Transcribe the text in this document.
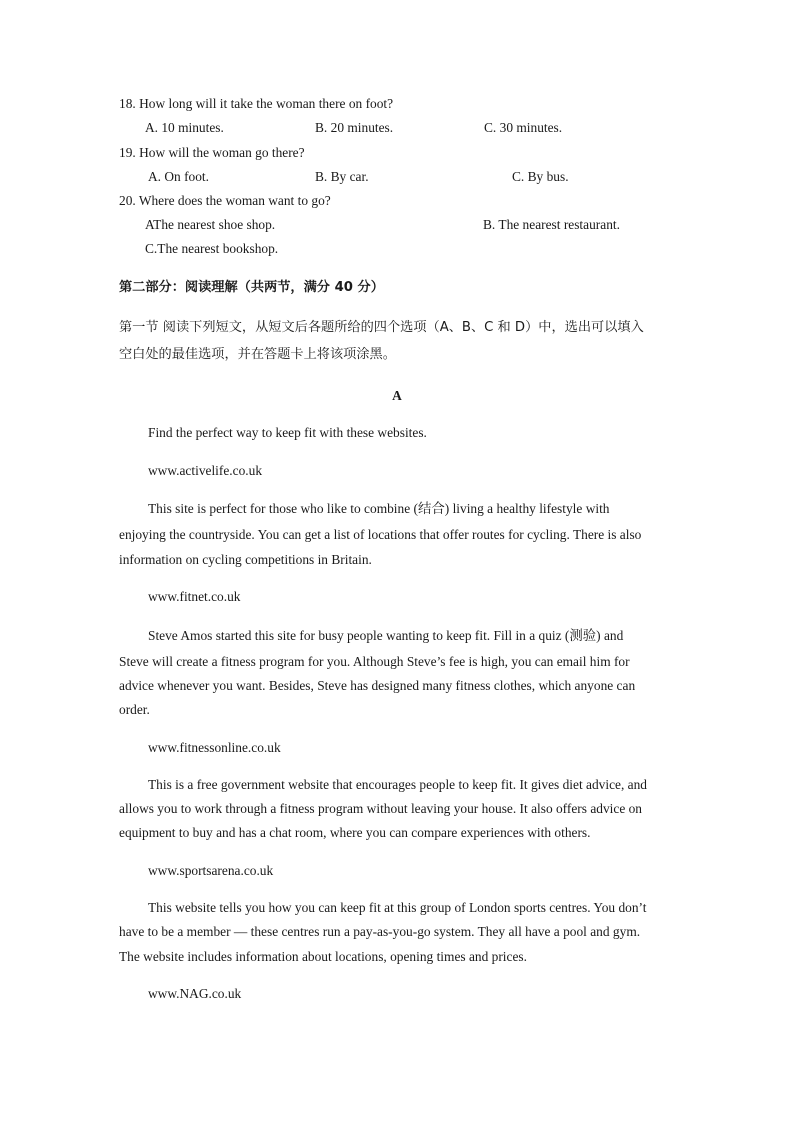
18. How long will it take the woman there on foot?
A. 10 minutes.	B. 20 minutes.	C. 30 minutes.
19. How will the woman go there?
A. On foot.	B. By car.	C. By bus.
20. Where does the woman want to go?
AThe nearest shoe shop.	B. The nearest restaurant.
C.The nearest bookshop.
第二部分：阅读理解（共两节，满分 40 分）
第一节 阅读下列短文，从短文后各题所给的四个选项（A、B、C 和 D）中，选出可以填入
空白处的最佳选项，并在答题卡上将该项涂黑。
A
Find the perfect way to keep fit with these websites.
www.activelife.co.uk
This site is perfect for those who like to combine (结合) living a healthy lifestyle with
enjoying the countryside. You can get a list of locations that offer routes for cycling. There is also
information on cycling competitions in Britain.
www.fitnet.co.uk
Steve Amos started this site for busy people wanting to keep fit. Fill in a quiz (测验) and
Steve will create a fitness program for you. Although Steve’s fee is high, you can email him for
advice whenever you want. Besides, Steve has designed many fitness clothes, which anyone can
order.
www.fitnessonline.co.uk
This is a free government website that encourages people to keep fit. It gives diet advice, and
allows you to work through a fitness program without leaving your house. It also offers advice on
equipment to buy and has a chat room, where you can compare experiences with others.
www.sportsarena.co.uk
This website tells you how you can keep fit at this group of London sports centres. You don’t
have to be a member — these centres run a pay-as-you-go system. They all have a pool and gym.
The website includes information about locations, opening times and prices.
www.NAG.co.uk
